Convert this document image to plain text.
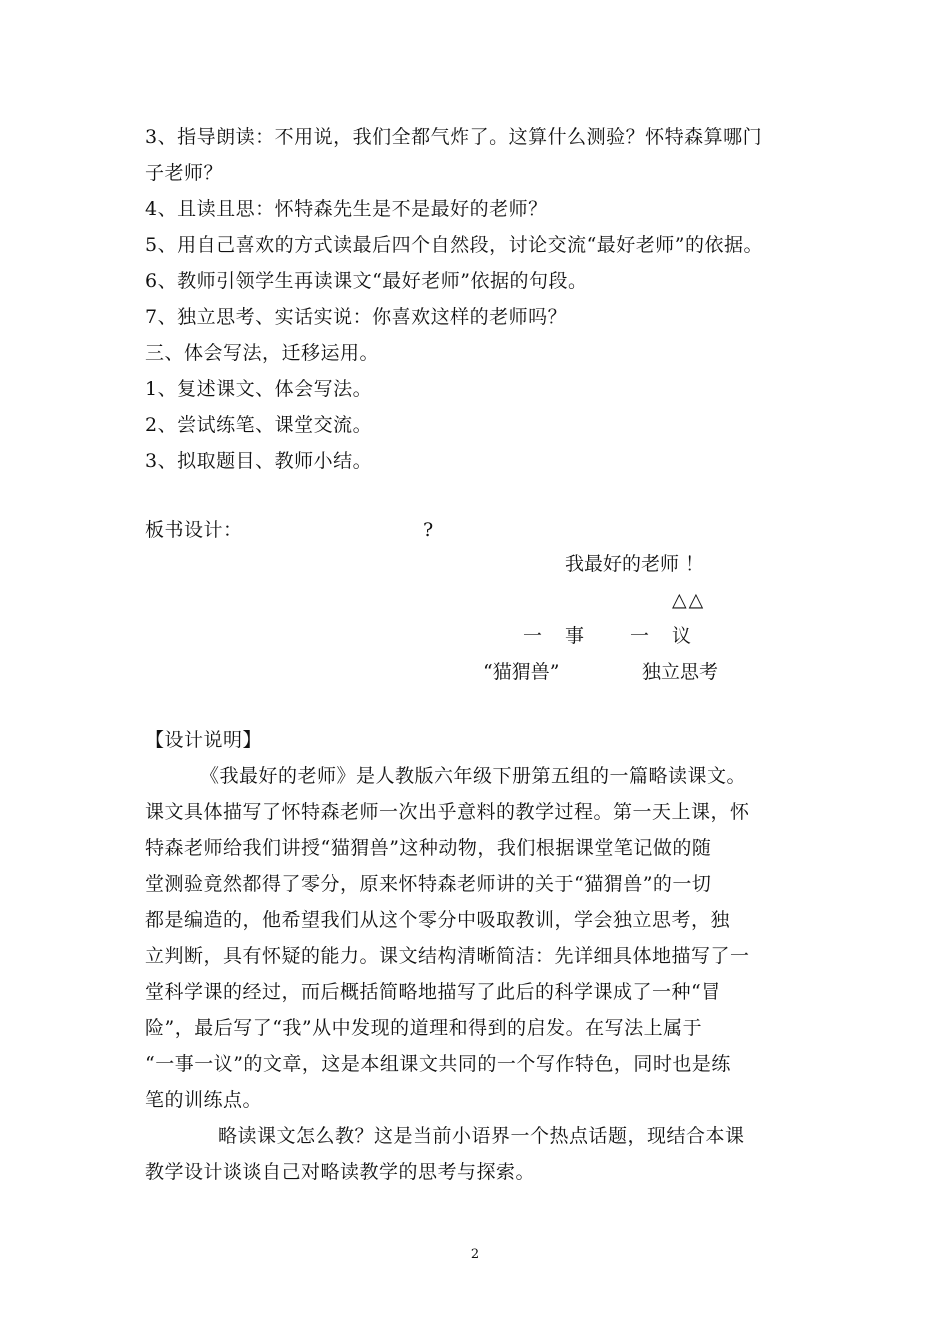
3、指导朗读：不用说，我们全都气炸了。这算什么测验？怀特森算哪门
子老师？
4、且读且思：怀特森先生是不是最好的老师？
5、用自己喜欢的方式读最后四个自然段，讨论交流“最好老师”的依据。
6、教师引领学生再读课文“最好老师”依据的句段。
7、独立思考、实话实说：你喜欢这样的老师吗？
三、体会写法，迁移运用。
1、复述课文、体会写法。
2、尝试练笔、课堂交流。
3、拟取题目、教师小结。
板书设计：	?
我最好的老师 ！
△△
一　事 一　议
“猫猬兽”	独立思考
【设计说明】
《我最好的老师》是人教版六年级下册第五组的一篇略读课文。
课文具体描写了怀特森老师一次出乎意料的教学过程。第一天上课，怀
特森老师给我们讲授“猫猬兽”这种动物，我们根据课堂笔记做的随
堂测验竟然都得了零分，原来怀特森老师讲的关于“猫猬兽”的一切
都是编造的，他希望我们从这个零分中吸取教训，学会独立思考，独
立判断，具有怀疑的能力。课文结构清晰简洁：先详细具体地描写了一
堂科学课的经过，而后概括简略地描写了此后的科学课成了一种“冒
险”，最后写了“我”从中发现的道理和得到的启发。在写法上属于
“一事一议”的文章，这是本组课文共同的一个写作特色，同时也是练
笔的训练点。
略读课文怎么教？这是当前小语界一个热点话题，现结合本课
教学设计谈谈自己对略读教学的思考与探索。
2
